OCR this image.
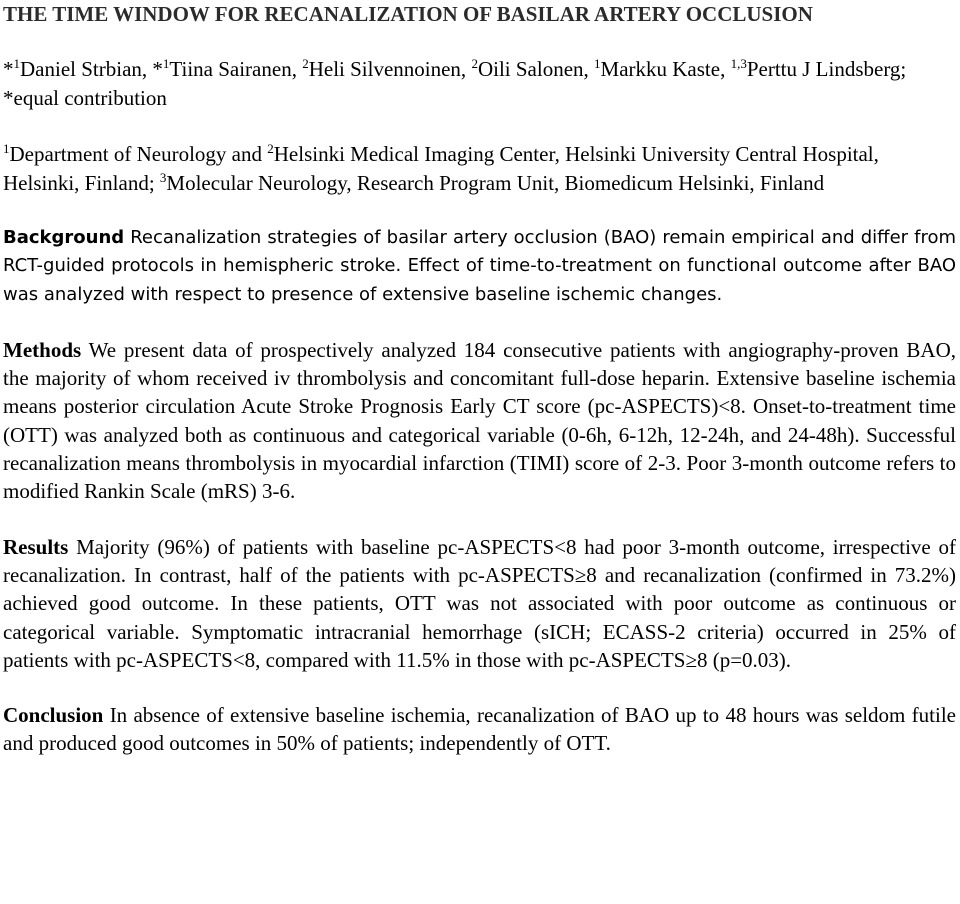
THE TIME WINDOW FOR RECANALIZATION OF BASILAR ARTERY OCCLUSION
*$^1$Daniel Strbian, *$^1$Tiina Sairanen, $^2$Heli Silvennoinen, $^2$Oili Salonen, $^1$Markku Kaste, $^{1,3}$Perttu J Lindsberg; *equal contribution
$^1$Department of Neurology and $^2$Helsinki Medical Imaging Center, Helsinki University Central Hospital, Helsinki, Finland; $^3$Molecular Neurology, Research Program Unit, Biomedicum Helsinki, Finland
Background Recanalization strategies of basilar artery occlusion (BAO) remain empirical and differ from RCT-guided protocols in hemispheric stroke. Effect of time-to-treatment on functional outcome after BAO was analyzed with respect to presence of extensive baseline ischemic changes.
Methods We present data of prospectively analyzed 184 consecutive patients with angiography-proven BAO, the majority of whom received iv thrombolysis and concomitant full-dose heparin. Extensive baseline ischemia means posterior circulation Acute Stroke Prognosis Early CT score (pc-ASPECTS)<8. Onset-to-treatment time (OTT) was analyzed both as continuous and categorical variable (0-6h, 6-12h, 12-24h, and 24-48h). Successful recanalization means thrombolysis in myocardial infarction (TIMI) score of 2-3. Poor 3-month outcome refers to modified Rankin Scale (mRS) 3-6.
Results Majority (96%) of patients with baseline pc-ASPECTS<8 had poor 3-month outcome, irrespective of recanalization. In contrast, half of the patients with pc-ASPECTS≥8 and recanalization (confirmed in 73.2%) achieved good outcome. In these patients, OTT was not associated with poor outcome as continuous or categorical variable. Symptomatic intracranial hemorrhage (sICH; ECASS-2 criteria) occurred in 25% of patients with pc-ASPECTS<8, compared with 11.5% in those with pc-ASPECTS≥8 (p=0.03).
Conclusion In absence of extensive baseline ischemia, recanalization of BAO up to 48 hours was seldom futile and produced good outcomes in 50% of patients; independently of OTT.
